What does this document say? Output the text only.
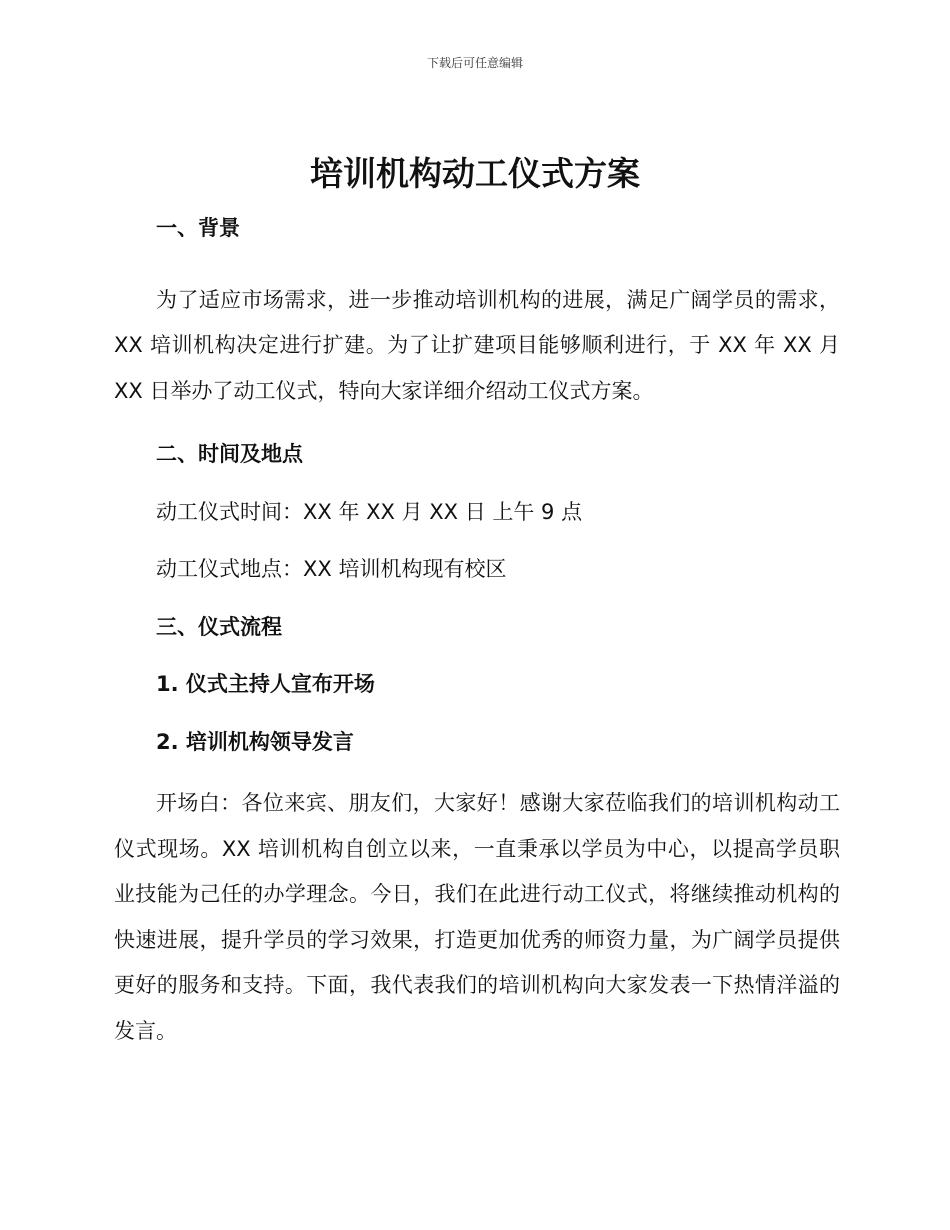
下载后可任意编辑
培训机构动工仪式方案
一、背景
为了适应市场需求，进一步推动培训机构的进展，满足广阔学员的需求，XX 培训机构决定进行扩建。为了让扩建项目能够顺利进行，于 XX 年 XX 月 XX 日举办了动工仪式，特向大家详细介绍动工仪式方案。
二、时间及地点
动工仪式时间：XX 年 XX 月 XX 日 上午 9 点
动工仪式地点：XX 培训机构现有校区
三、仪式流程
1. 仪式主持人宣布开场
2. 培训机构领导发言
开场白：各位来宾、朋友们，大家好！感谢大家莅临我们的培训机构动工仪式现场。XX 培训机构自创立以来，一直秉承以学员为中心，以提高学员职业技能为己任的办学理念。今日，我们在此进行动工仪式，将继续推动机构的快速进展，提升学员的学习效果，打造更加优秀的师资力量，为广阔学员提供更好的服务和支持。下面，我代表我们的培训机构向大家发表一下热情洋溢的发言。
